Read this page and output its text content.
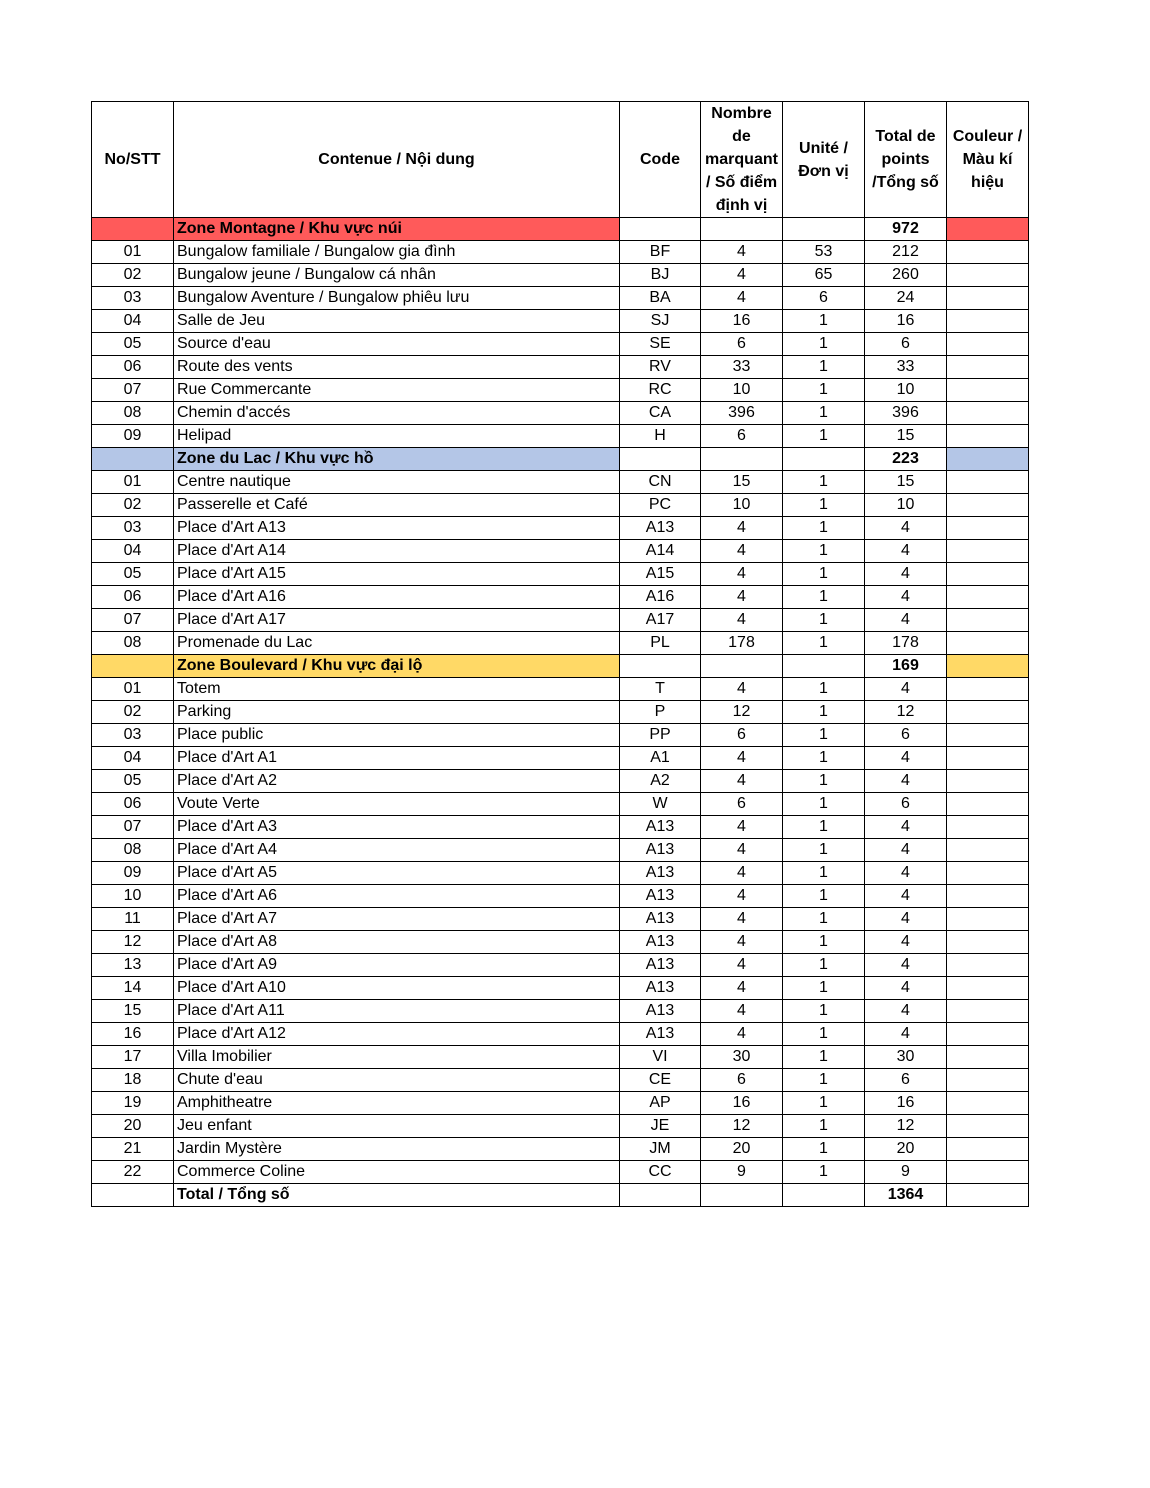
No/STT	Contenue / Nội dung	Code	Nombre de marquant / Số điểm định vị	Unité /Đơn vị	Total de points /Tổng số	Couleur / Màu kí hiệu
	Zone Montagne / Khu vực núi				972	
01	Bungalow familiale / Bungalow gia đình	BF	4	53	212	
02	Bungalow jeune / Bungalow cá nhân	BJ	4	65	260	
03	Bungalow Aventure / Bungalow phiêu lưu	BA	4	6	24	
04	Salle de Jeu	SJ	16	1	16	
05	Source d'eau	SE	6	1	6	
06	Route des vents	RV	33	1	33	
07	Rue Commercante	RC	10	1	10	
08	Chemin d'accés	CA	396	1	396	
09	Helipad	H	6	1	15	
	Zone du Lac / Khu vực hồ				223	
01	Centre nautique	CN	15	1	15	
02	Passerelle et Café	PC	10	1	10	
03	Place d'Art A13	A13	4	1	4	
04	Place d'Art A14	A14	4	1	4	
05	Place d'Art A15	A15	4	1	4	
06	Place d'Art A16	A16	4	1	4	
07	Place d'Art A17	A17	4	1	4	
08	Promenade du Lac	PL	178	1	178	
	Zone Boulevard / Khu vực đại lộ				169	
01	Totem	T	4	1	4	
02	Parking	P	12	1	12	
03	Place public	PP	6	1	6	
04	Place d'Art A1	A1	4	1	4	
05	Place d'Art A2	A2	4	1	4	
06	Voute Verte	W	6	1	6	
07	Place d'Art A3	A13	4	1	4	
08	Place d'Art A4	A13	4	1	4	
09	Place d'Art A5	A13	4	1	4	
10	Place d'Art A6	A13	4	1	4	
11	Place d'Art A7	A13	4	1	4	
12	Place d'Art A8	A13	4	1	4	
13	Place d'Art A9	A13	4	1	4	
14	Place d'Art A10	A13	4	1	4	
15	Place d'Art A11	A13	4	1	4	
16	Place d'Art A12	A13	4	1	4	
17	Villa Imobilier	VI	30	1	30	
18	Chute d'eau	CE	6	1	6	
19	Amphitheatre	AP	16	1	16	
20	Jeu enfant	JE	12	1	12	
21	Jardin Mystère	JM	20	1	20	
22	Commerce Coline	CC	9	1	9	
	Total / Tổng số				1364	
